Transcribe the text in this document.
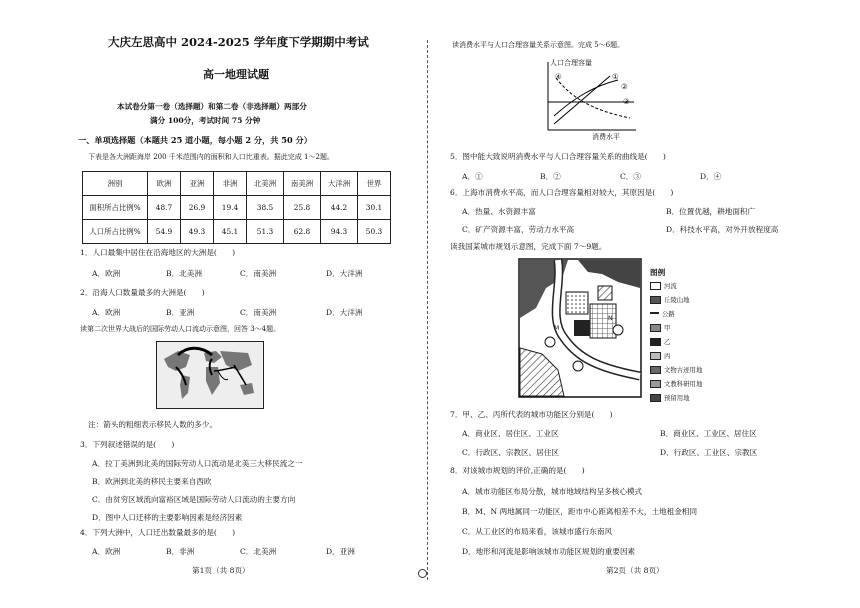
大庆左思高中 2024-2025 学年度下学期期中考试
高一地理试题
本试卷分第一卷（选择题）和第二卷（非选择题）两部分
满分 100分，考试时间 75 分钟
一、单项选择题（本题共 25 道小题，每小题 2 分，共 50 分）
下表是各大洲距海岸 200 千米范围内的面积和人口比重表。据此完成 1～2题。
洲别	欧洲	亚洲	非洲	北美洲	南美洲	大洋洲	世界
面积所占比例%	48.7	26.9	19.4	38.5	25.8	44.2	30.1
人口所占比例%	54.9	49.3	45.1	51.3	62.8	94.3	50.3
1．人口最集中居住在沿海地区的大洲是(　　)
A．欧洲	B．北美洲	C．南美洲	D．大洋洲
2．沿海人口数量最多的大洲是(　　)
A．欧洲	B．亚洲	C．南美洲	D．大洋洲
读第二次世界大战后的国际劳动人口流动示意图，回答 3～4题。
注：箭头的粗细表示移民人数的多少。
3．下列叙述错误的是(　　)
A．拉丁美洲到北美的国际劳动人口流动是北美三大移民流之一
B．欧洲到北美的移民主要来自西欧
C．由贫穷区域流向富裕区域是国际劳动人口流动的主要方向
D．图中人口迁移的主要影响因素是经济因素
4．下列大洲中，人口迁出数量最多的是(　　)
A．欧洲	B．非洲	C．北美洲	D．亚洲
第1页（共 8页）
读消费水平与人口合理容量关系示意图。完成 5～6题。
人口合理容量
消费水平
④	①
②
③
5．图中能大致说明消费水平与人口合理容量关系的曲线是(　　)
A．①	B．②	C．③	D．④
6．上海市消费水平高，而人口合理容量相对较大，其原因是(　　)
A．热量、水资源丰富	B．位置优越，耕地面积广
C．矿产资源丰富，劳动力水平高	D．科技水平高，对外开放程度高
读我国某城市规划示意图，完成下面 7～9题。
M
N
图例
河流
丘陵山地
公路
甲
乙
丙
文物古迹用地
文教科研用地
预留用地
7．甲、乙、丙所代表的城市功能区分别是(　　)
A．商业区、居住区、工业区	B．商业区、工业区、居住区
C．行政区、宗教区、居住区	D．行政区、工业区、宗教区
8．对该城市规划的评价,正确的是(　　)
A．城市功能区布局分散，城市地域结构呈多核心模式
B．M、N 两地属同一功能区，距市中心距离相差不大，土地租金相同
C．从工业区的布局来看，该城市盛行东南风
D．地形和河流是影响该城市功能区规划的重要因素
第2页（共 8页）
